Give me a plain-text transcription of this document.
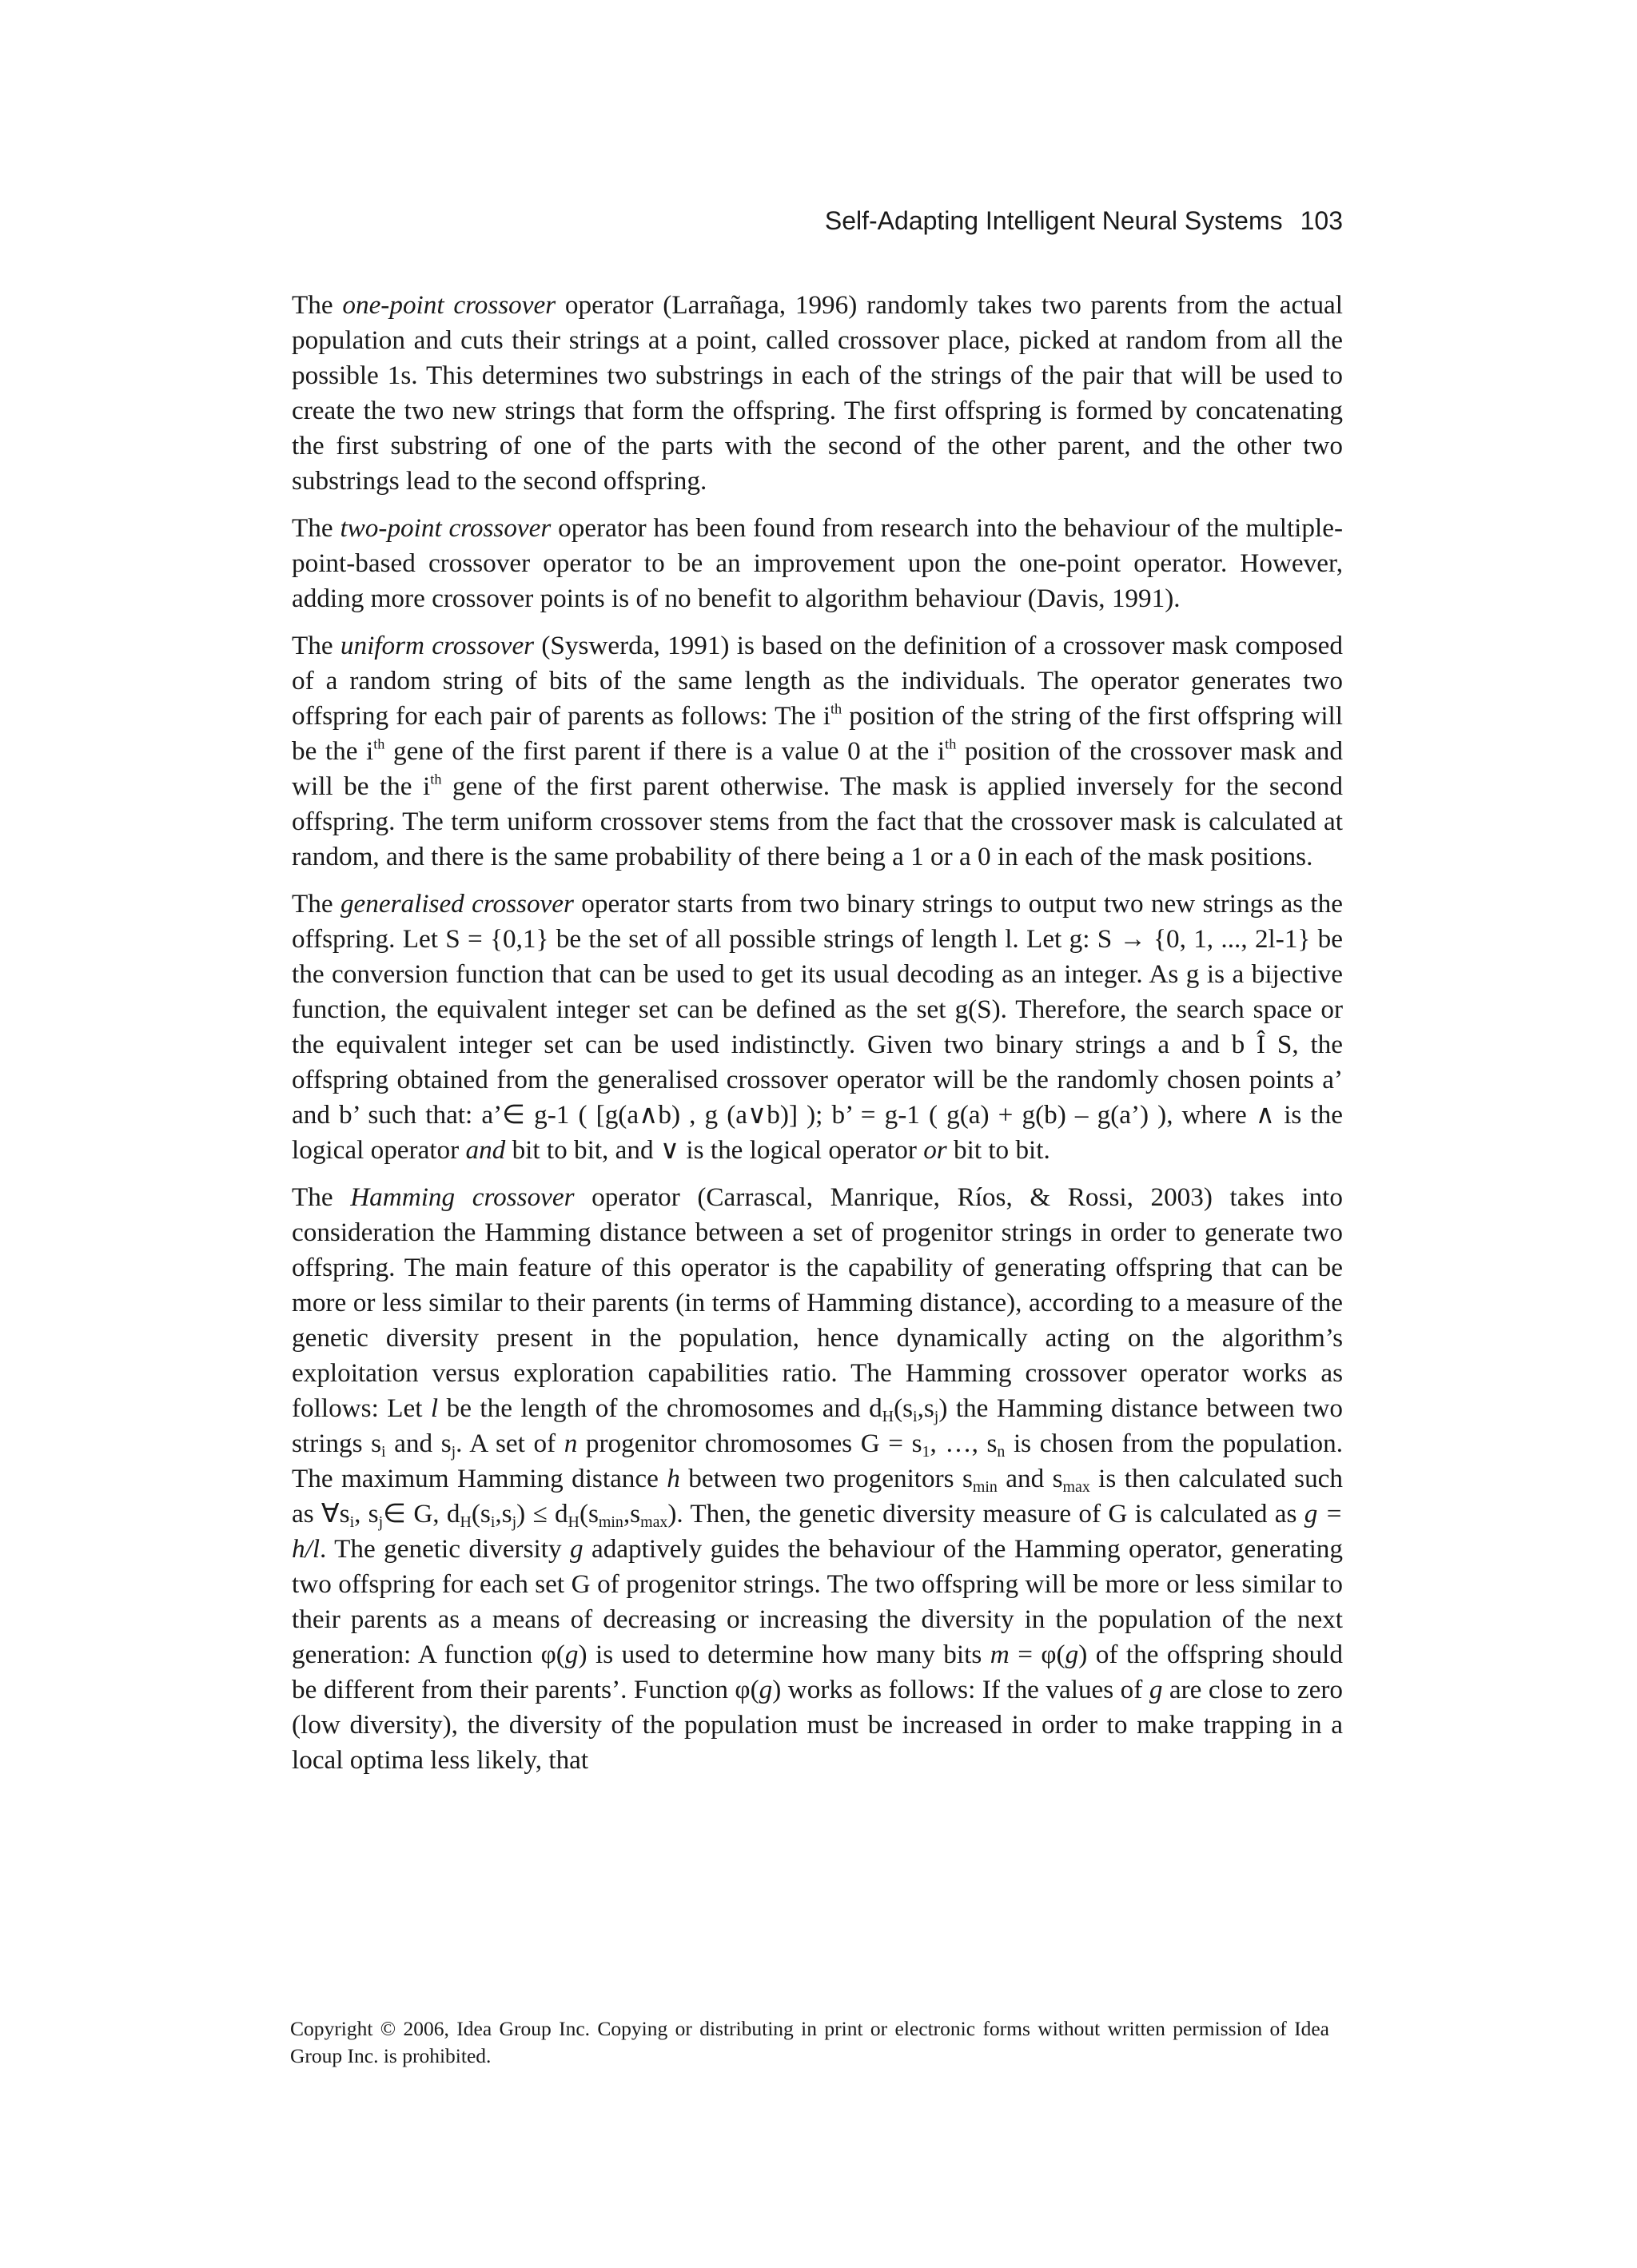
Self-Adapting Intelligent Neural Systems 103

The one-point crossover operator (Larrañaga, 1996) randomly takes two parents from the actual population and cuts their strings at a point, called crossover place, picked at random from all the possible 1s. This determines two substrings in each of the strings of the pair that will be used to create the two new strings that form the offspring. The first offspring is formed by concatenating the first substring of one of the parts with the second of the other parent, and the other two substrings lead to the second offspring.

The two-point crossover operator has been found from research into the behaviour of the multiple-point-based crossover operator to be an improvement upon the one-point operator. However, adding more crossover points is of no benefit to algorithm behaviour (Davis, 1991).

The uniform crossover (Syswerda, 1991) is based on the definition of a crossover mask composed of a random string of bits of the same length as the individuals. The operator generates two offspring for each pair of parents as follows: The $i^{th}$ position of the string of the first offspring will be the $i^{th}$ gene of the first parent if there is a value 0 at the $i^{th}$ position of the crossover mask and will be the $i^{th}$ gene of the first parent otherwise. The mask is applied inversely for the second offspring. The term uniform crossover stems from the fact that the crossover mask is calculated at random, and there is the same probability of there being a 1 or a 0 in each of the mask positions.

The generalised crossover operator starts from two binary strings to output two new strings as the offspring. Let S = {0,1} be the set of all possible strings of length l. Let g: S → {0, 1, ..., 2l-1} be the conversion function that can be used to get its usual decoding as an integer. As g is a bijective function, the equivalent integer set can be defined as the set g(S). Therefore, the search space or the equivalent integer set can be used indistinctly. Given two binary strings a and b Î S, the offspring obtained from the generalised crossover operator will be the randomly chosen points a’ and b’ such that: a’∈ g-1 ( [g(a∧b) , g (a∨b)] ); b’ = g-1 ( g(a) + g(b) – g(a’) ), where ∧ is the logical operator and bit to bit, and ∨ is the logical operator or bit to bit.

The Hamming crossover operator (Carrascal, Manrique, Ríos, & Rossi, 2003) takes into consideration the Hamming distance between a set of progenitor strings in order to generate two offspring. The main feature of this operator is the capability of generating offspring that can be more or less similar to their parents (in terms of Hamming distance), according to a measure of the genetic diversity present in the population, hence dynamically acting on the algorithm’s exploitation versus exploration capabilities ratio. The Hamming crossover operator works as follows: Let l be the length of the chromosomes and $d_H(s_i,s_j)$ the Hamming distance between two strings $s_i$ and $s_j$. A set of n progenitor chromosomes $G = s_1$, …, $s_n$ is chosen from the population. The maximum Hamming distance h between two progenitors $s_{min}$ and $s_{max}$ is then calculated such as $\forall s_i$, $s_j\in$ G, $d_H(s_i,s_j) \le d_H(s_{min},s_{max})$. Then, the genetic diversity measure of G is calculated as g = h/l. The genetic diversity g adaptively guides the behaviour of the Hamming operator, generating two offspring for each set G of progenitor strings. The two offspring will be more or less similar to their parents as a means of decreasing or increasing the diversity in the population of the next generation: A function φ(g) is used to determine how many bits m = φ(g) of the offspring should be different from their parents’. Function φ(g) works as follows: If the values of g are close to zero (low diversity), the diversity of the population must be increased in order to make trapping in a local optima less likely, that

Copyright © 2006, Idea Group Inc. Copying or distributing in print or electronic forms without written permission of Idea Group Inc. is prohibited.
